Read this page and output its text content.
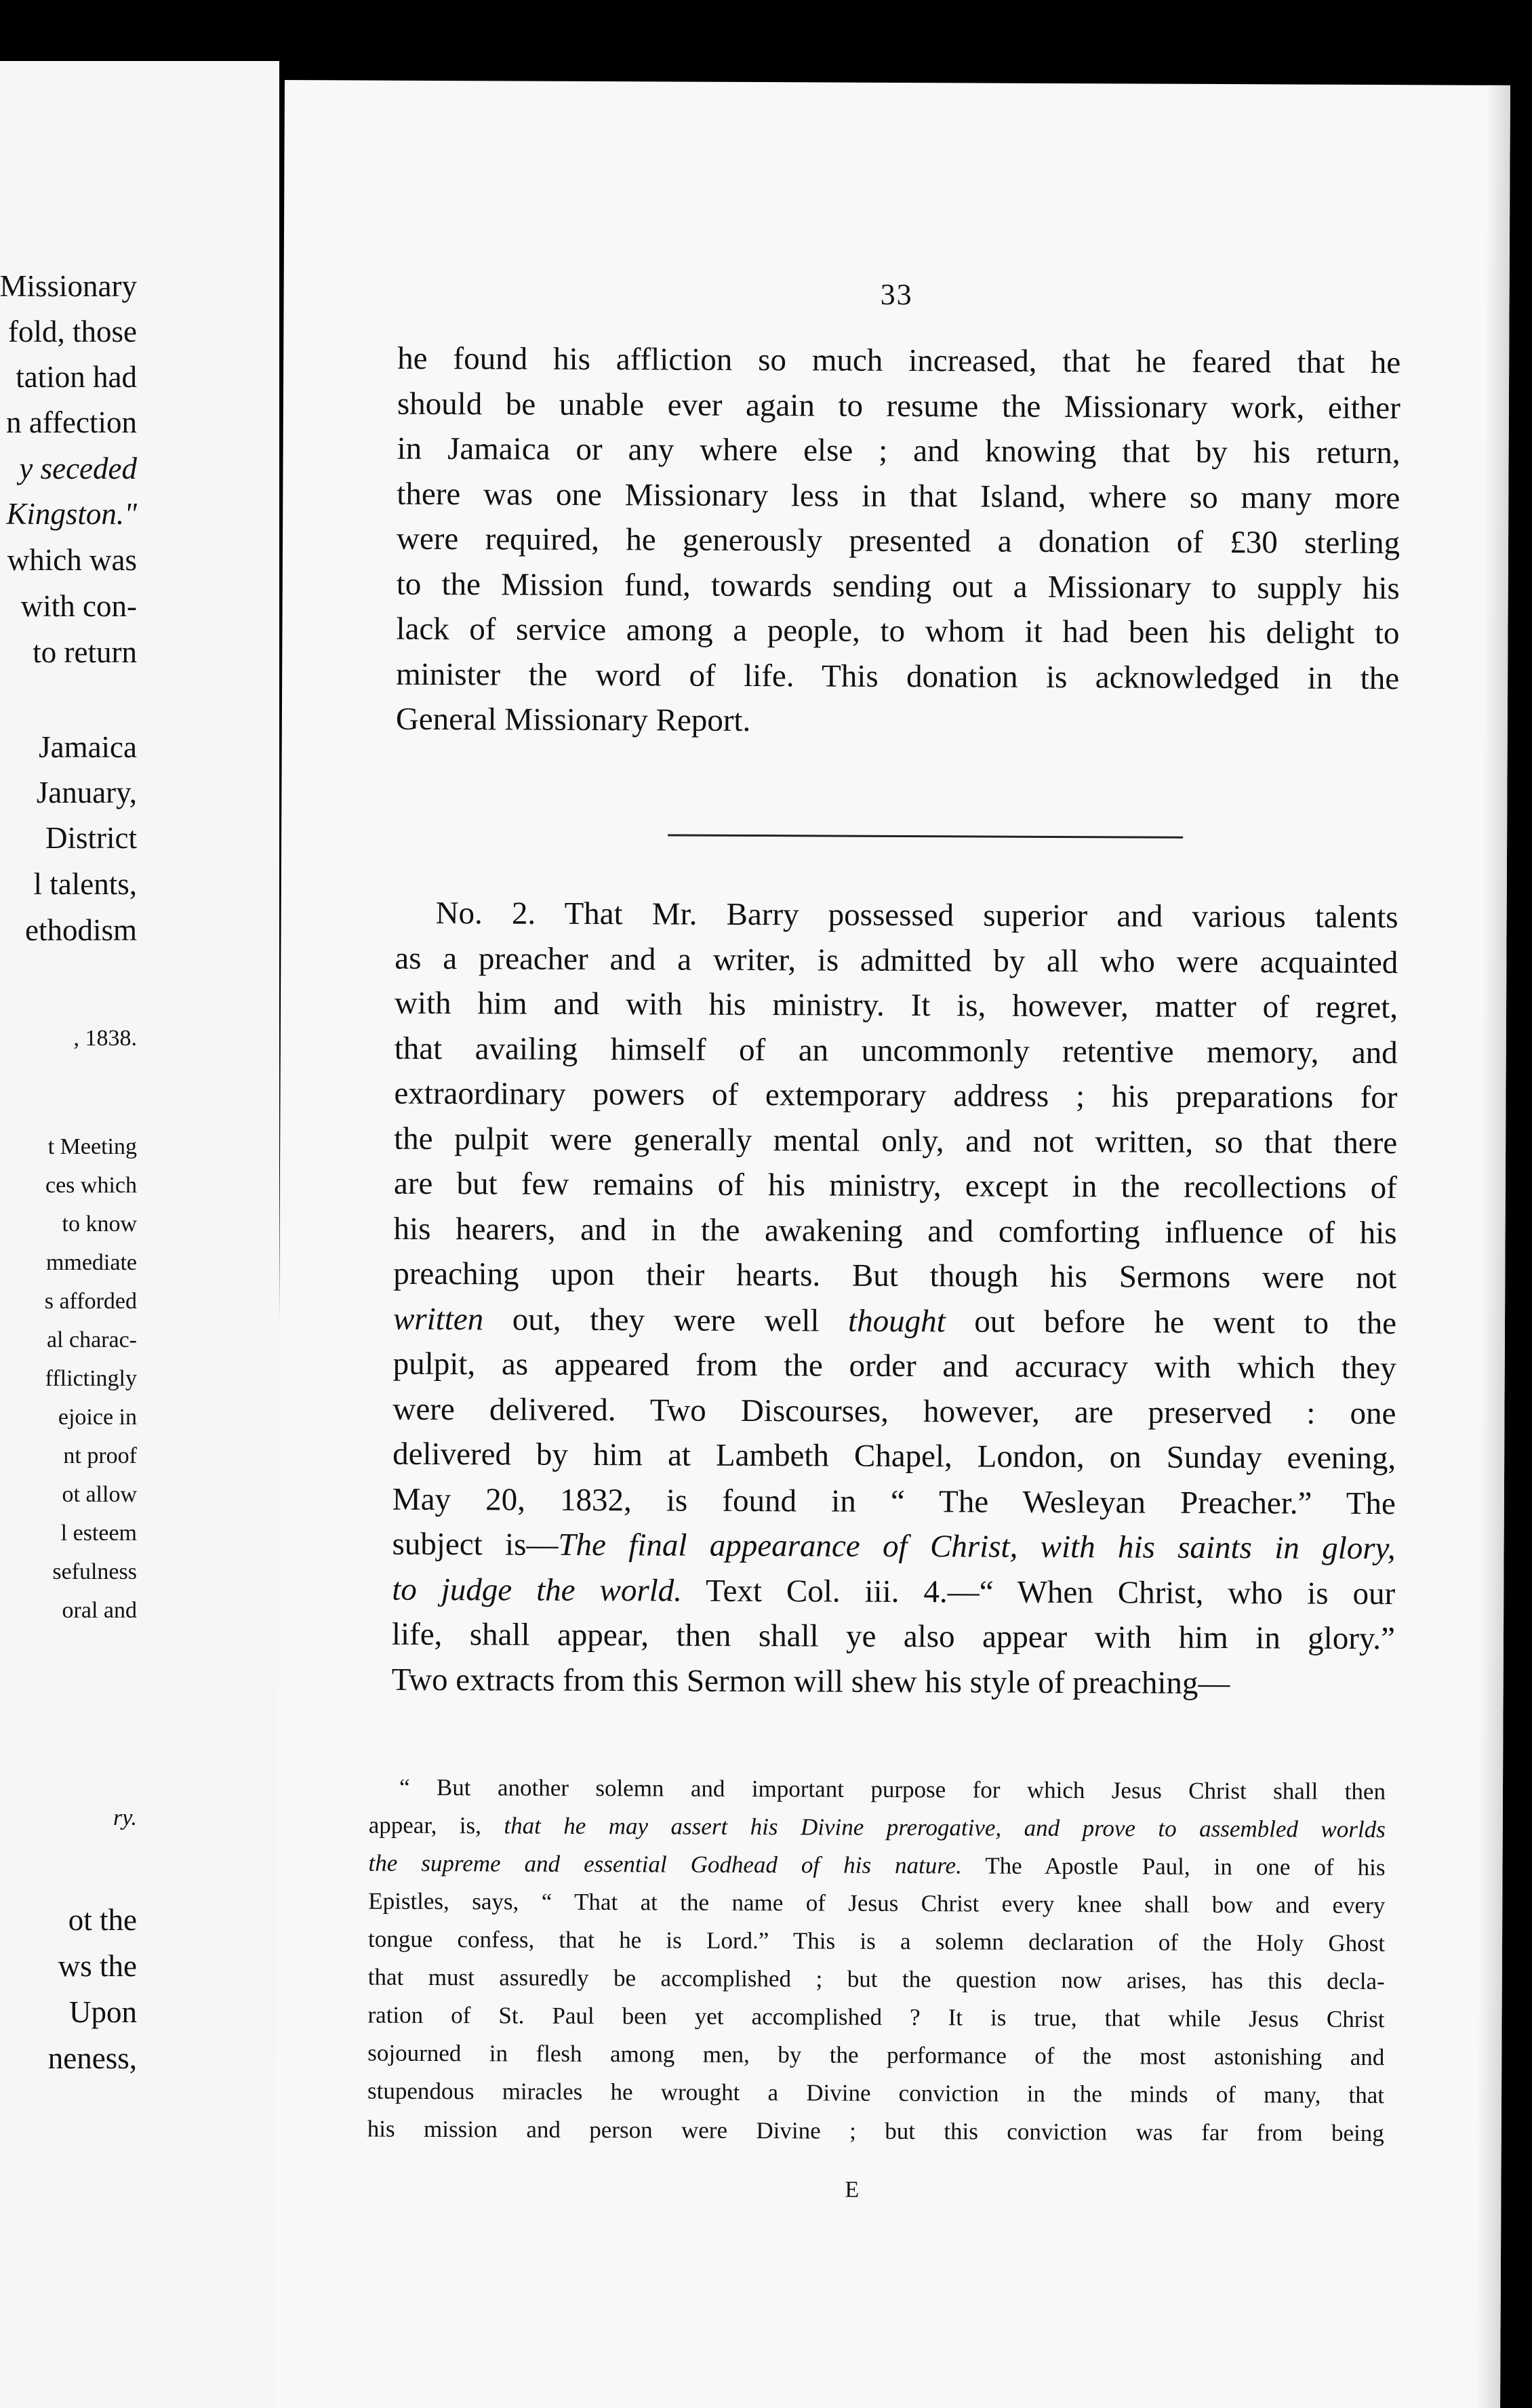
Missionary
fold, those
tation had
n affection
y seceded
Kingston."
which was
with con-
to return
Jamaica
January,
District
l talents,
ethodism
, 1838.
t Meeting
ces which
to know
mmediate
s afforded
al charac-
fflictingly
ejoice in
nt proof
ot allow
l esteem
sefulness
oral and
ry.
ot the
ws the
Upon
neness,
33
he found his affliction so much increased, that he feared that he
should be unable ever again to resume the Missionary work, either
in Jamaica or any where else ; and knowing that by his return,
there was one Missionary less in that Island, where so many more
were required, he generously presented a donation of £30 sterling
to the Mission fund, towards sending out a Missionary to supply his
lack of service among a people, to whom it had been his delight to
minister the word of life. This donation is acknowledged in the
General Missionary Report.
No. 2. That Mr. Barry possessed superior and various talents
as a preacher and a writer, is admitted by all who were acquainted
with him and with his ministry. It is, however, matter of regret,
that availing himself of an uncommonly retentive memory, and
extraordinary powers of extemporary address ; his preparations for
the pulpit were generally mental only, and not written, so that there
are but few remains of his ministry, except in the recollections of
his hearers, and in the awakening and comforting influence of his
preaching upon their hearts. But though his Sermons were not
written out, they were well thought out before he went to the
pulpit, as appeared from the order and accuracy with which they
were delivered. Two Discourses, however, are preserved : one
delivered by him at Lambeth Chapel, London, on Sunday evening,
May 20, 1832, is found in “ The Wesleyan Preacher.” The
subject is—The final appearance of Christ, with his saints in glory,
to judge the world. Text Col. iii. 4.—“ When Christ, who is our
life, shall appear, then shall ye also appear with him in glory.”
Two extracts from this Sermon will shew his style of preaching—
“ But another solemn and important purpose for which Jesus Christ shall then
appear, is, that he may assert his Divine prerogative, and prove to assembled worlds
the supreme and essential Godhead of his nature. The Apostle Paul, in one of his
Epistles, says, “ That at the name of Jesus Christ every knee shall bow and every
tongue confess, that he is Lord.” This is a solemn declaration of the Holy Ghost
that must assuredly be accomplished ; but the question now arises, has this decla-
ration of St. Paul been yet accomplished ? It is true, that while Jesus Christ
sojourned in flesh among men, by the performance of the most astonishing and
stupendous miracles he wrought a Divine conviction in the minds of many, that
his mission and person were Divine ; but this conviction was far from being
E
